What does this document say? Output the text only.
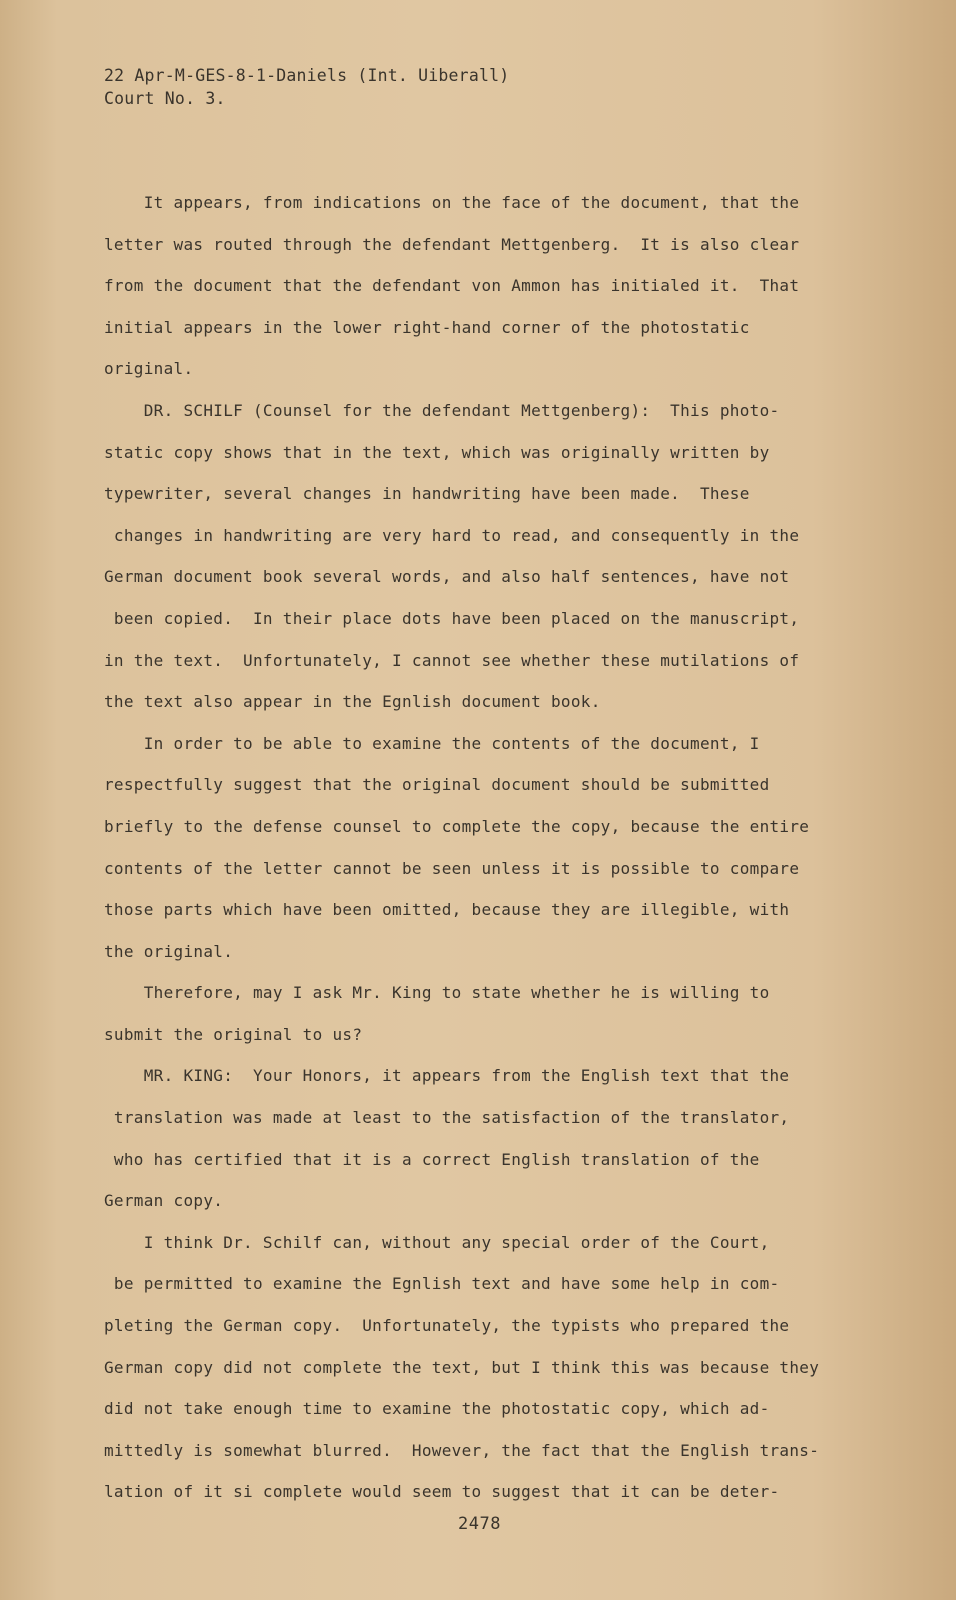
22 Apr-M-GES-8-1-Daniels (Int. Uiberall)
Court No. 3.
It appears, from indications on the face of the document, that the
letter was routed through the defendant Mettgenberg.  It is also clear
from the document that the defendant von Ammon has initialed it.  That
initial appears in the lower right-hand corner of the photostatic
original.
DR. SCHILF (Counsel for the defendant Mettgenberg):  This photo-
static copy shows that in the text, which was originally written by
typewriter, several changes in handwriting have been made.  These
changes in handwriting are very hard to read, and consequently in the
German document book several words, and also half sentences, have not
been copied.  In their place dots have been placed on the manuscript,
in the text.  Unfortunately, I cannot see whether these mutilations of
the text also appear in the Egnlish document book.
In order to be able to examine the contents of the document, I
respectfully suggest that the original document should be submitted
briefly to the defense counsel to complete the copy, because the entire
contents of the letter cannot be seen unless it is possible to compare
those parts which have been omitted, because they are illegible, with
the original.
Therefore, may I ask Mr. King to state whether he is willing to
submit the original to us?
MR. KING:  Your Honors, it appears from the English text that the
translation was made at least to the satisfaction of the translator,
who has certified that it is a correct English translation of the
German copy.
I think Dr. Schilf can, without any special order of the Court,
be permitted to examine the Egnlish text and have some help in com-
pleting the German copy.  Unfortunately, the typists who prepared the
German copy did not complete the text, but I think this was because they
did not take enough time to examine the photostatic copy, which ad-
mittedly is somewhat blurred.  However, the fact that the English trans-
lation of it si complete would seem to suggest that it can be deter-
2478
